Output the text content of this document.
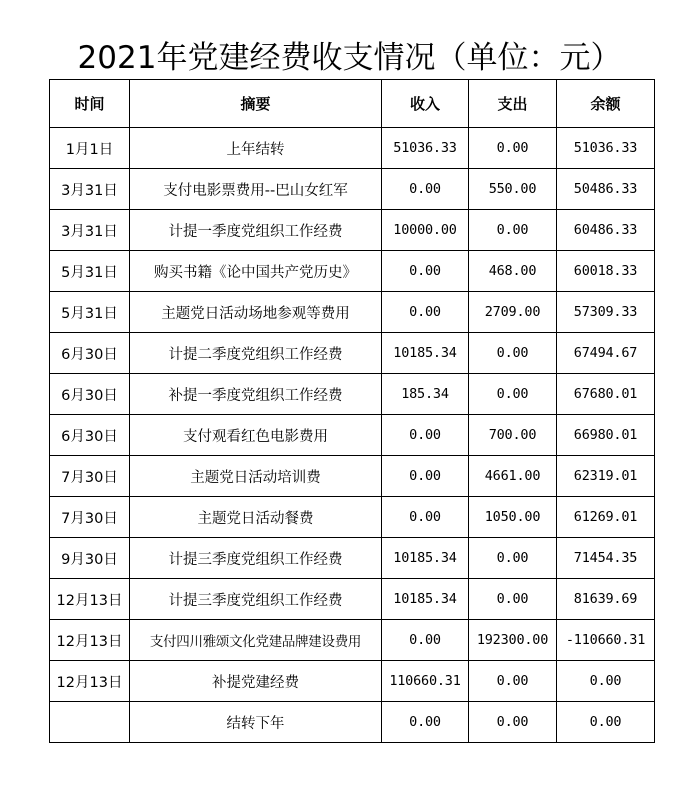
2021年党建经费收支情况（单位：元）
时间	摘要	收入	支出	余额
1月1日	上年结转	51036.33	0.00	51036.33
3月31日	支付电影票费用--巴山女红军	0.00	550.00	50486.33
3月31日	计提一季度党组织工作经费	10000.00	0.00	60486.33
5月31日	购买书籍《论中国共产党历史》	0.00	468.00	60018.33
5月31日	主题党日活动场地参观等费用	0.00	2709.00	57309.33
6月30日	计提二季度党组织工作经费	10185.34	0.00	67494.67
6月30日	补提一季度党组织工作经费	185.34	0.00	67680.01
6月30日	支付观看红色电影费用	0.00	700.00	66980.01
7月30日	主题党日活动培训费	0.00	4661.00	62319.01
7月30日	主题党日活动餐费	0.00	1050.00	61269.01
9月30日	计提三季度党组织工作经费	10185.34	0.00	71454.35
12月13日	计提三季度党组织工作经费	10185.34	0.00	81639.69
12月13日	支付四川雅颂文化党建品牌建设费用	0.00	192300.00	-110660.31
12月13日	补提党建经费	110660.31	0.00	0.00
	结转下年	0.00	0.00	0.00
